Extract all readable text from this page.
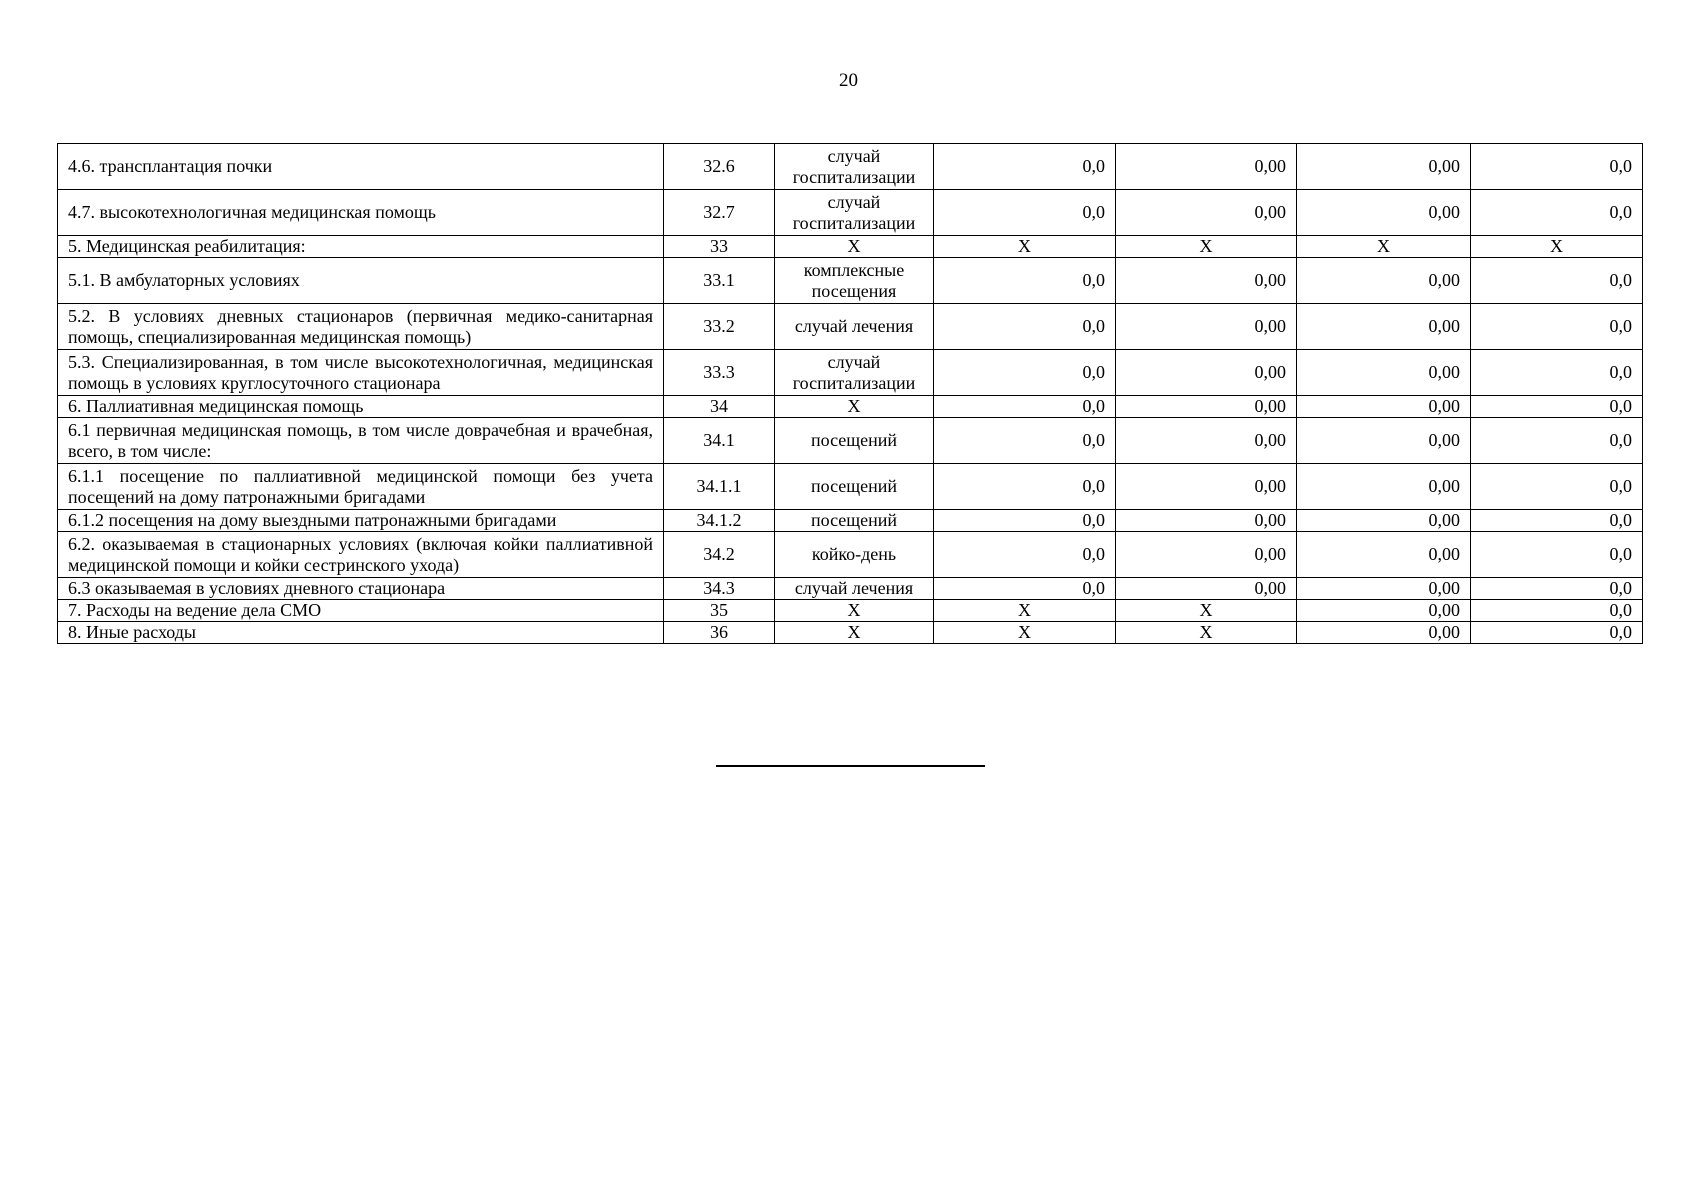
20
4.6. трансплантация почки	32.6	случай госпитализации	0,0	0,00	0,00	0,0
4.7. высокотехнологичная медицинская помощь	32.7	случай госпитализации	0,0	0,00	0,00	0,0
5. Медицинская реабилитация:	33	X	X	X	X	X
5.1. В амбулаторных условиях	33.1	комплексные посещения	0,0	0,00	0,00	0,0
5.2. В условиях дневных стационаров (первичная медико-санитарная помощь, специализированная медицинская помощь)	33.2	случай лечения	0,0	0,00	0,00	0,0
5.3. Специализированная, в том числе высокотехнологичная, медицинская помощь в условиях круглосуточного стационара	33.3	случай госпитализации	0,0	0,00	0,00	0,0
6. Паллиативная медицинская помощь	34	X	0,0	0,00	0,00	0,0
6.1 первичная медицинская помощь, в том числе доврачебная и врачебная, всего, в том числе:	34.1	посещений	0,0	0,00	0,00	0,0
6.1.1 посещение по паллиативной медицинской помощи без учета посещений на дому патронажными бригадами	34.1.1	посещений	0,0	0,00	0,00	0,0
6.1.2 посещения на дому выездными патронажными бригадами	34.1.2	посещений	0,0	0,00	0,00	0,0
6.2. оказываемая в стационарных условиях (включая койки паллиативной медицинской помощи и койки сестринского ухода)	34.2	койко-день	0,0	0,00	0,00	0,0
6.3 оказываемая в условиях дневного стационара	34.3	случай лечения	0,0	0,00	0,00	0,0
7. Расходы на ведение дела СМО	35	X	X	X	0,00	0,0
8. Иные расходы	36	X	X	X	0,00	0,0
